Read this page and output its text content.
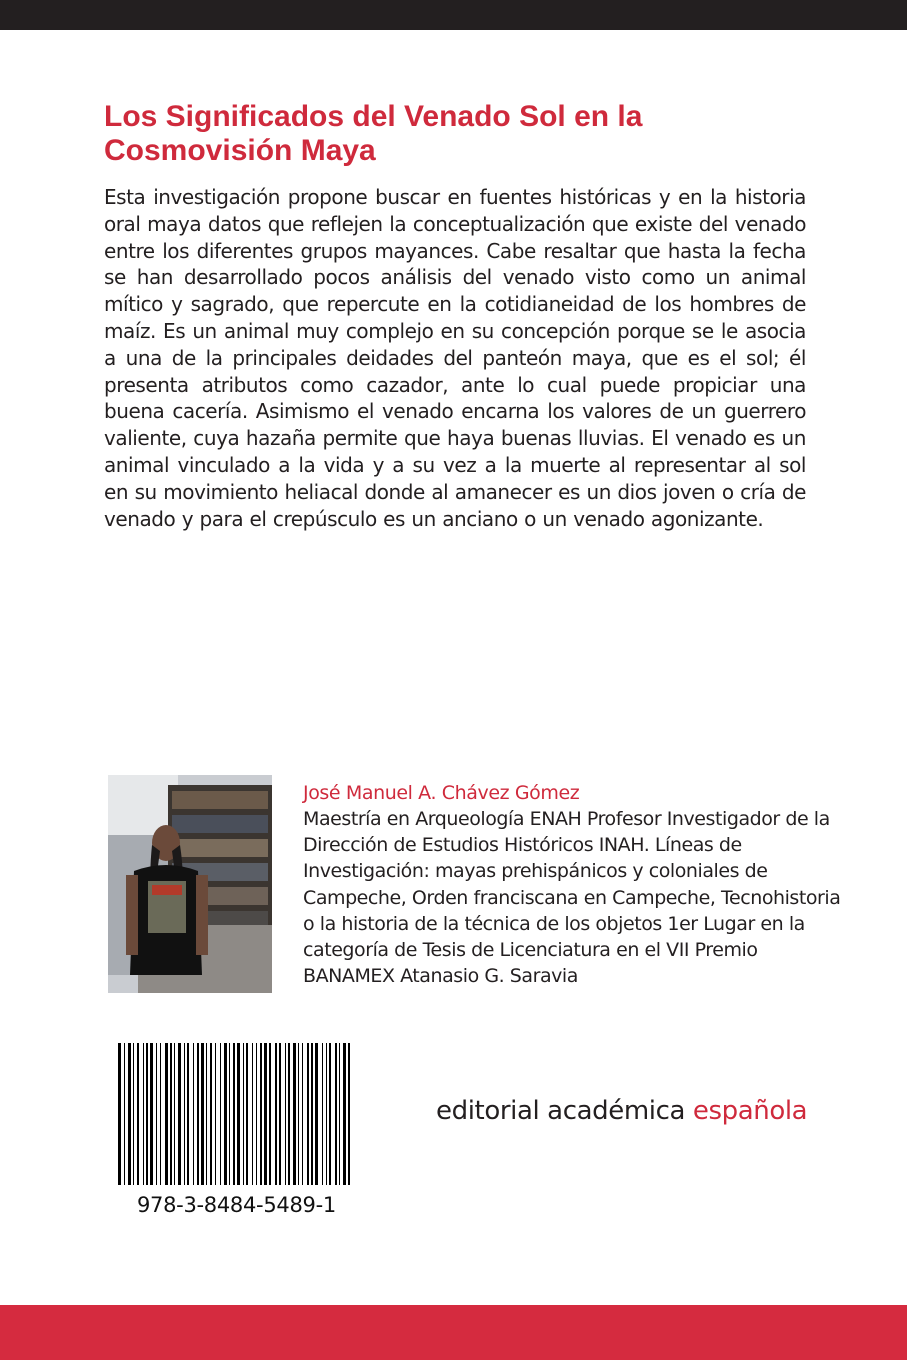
Los Significados del Venado Sol en la Cosmovisión Maya
Esta investigación propone buscar en fuentes históricas y en la historia oral maya datos que reflejen la conceptualización que existe del venado entre los diferentes grupos mayances. Cabe resaltar que hasta la fecha se han desarrollado pocos análisis del venado visto como un animal mítico y sagrado, que repercute en la cotidianeidad de los hombres de maíz. Es un animal muy complejo en su concepción porque se le asocia a una de la principales deidades del panteón maya, que es el sol; él presenta atributos como cazador, ante lo cual puede propiciar una buena cacería. Asimismo el venado encarna los valores de un guerrero valiente, cuya hazaña permite que haya buenas lluvias. El venado es un animal vinculado a la vida y a su vez a la muerte al representar al sol en su movimiento heliacal donde al amanecer es un dios joven o cría de venado y para el crepúsculo es un anciano o un venado agonizante.
José Manuel A. Chávez Gómez
Maestría en Arqueología ENAH Profesor Investigador de la Dirección de Estudios Históricos INAH. Líneas de Investigación: mayas prehispánicos y coloniales de Campeche, Orden franciscana en Campeche, Tecnohistoria o la historia de la técnica de los objetos 1er Lugar en la categoría de Tesis de Licenciatura en el VII Premio BANAMEX Atanasio G. Saravia
978-3-8484-5489-1
editorial académica española
